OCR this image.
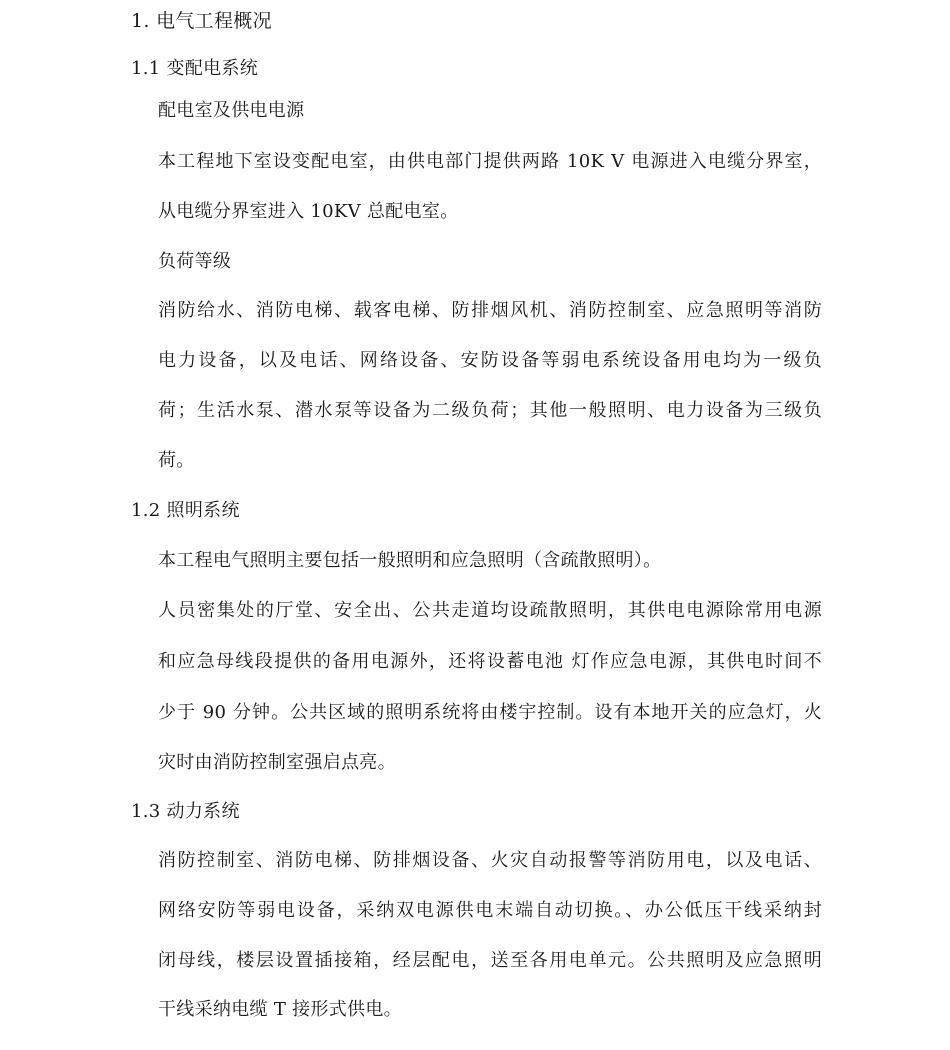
1. 电气工程概况
1.1 变配电系统
配电室及供电电源
本工程地下室设变配电室，由供电部门提供两路 10K V 电源进入电缆分界室，
从电缆分界室进入 10KV 总配电室。
负荷等级
消防给水、消防电梯、载客电梯、防排烟风机、消防控制室、应急照明等消防
电力设备，以及电话、网络设备、安防设备等弱电系统设备用电均为一级负
荷；生活水泵、潜水泵等设备为二级负荷；其他一般照明、电力设备为三级负
荷。
1.2 照明系统
本工程电气照明主要包括一般照明和应急照明（含疏散照明）。
人员密集处的厅堂、安全出、公共走道均设疏散照明，其供电电源除常用电源
和应急母线段提供的备用电源外，还将设蓄电池 灯作应急电源，其供电时间不
少于 90 分钟。公共区域的照明系统将由楼宇控制。设有本地开关的应急灯，火
灾时由消防控制室强启点亮。
1.3 动力系统
消防控制室、消防电梯、防排烟设备、火灾自动报警等消防用电，以及电话、
网络安防等弱电设备，采纳双电源供电末端自动切换。、办公低压干线采纳封
闭母线，楼层设置插接箱，经层配电，送至各用电单元。公共照明及应急照明
干线采纳电缆 T 接形式供电。
